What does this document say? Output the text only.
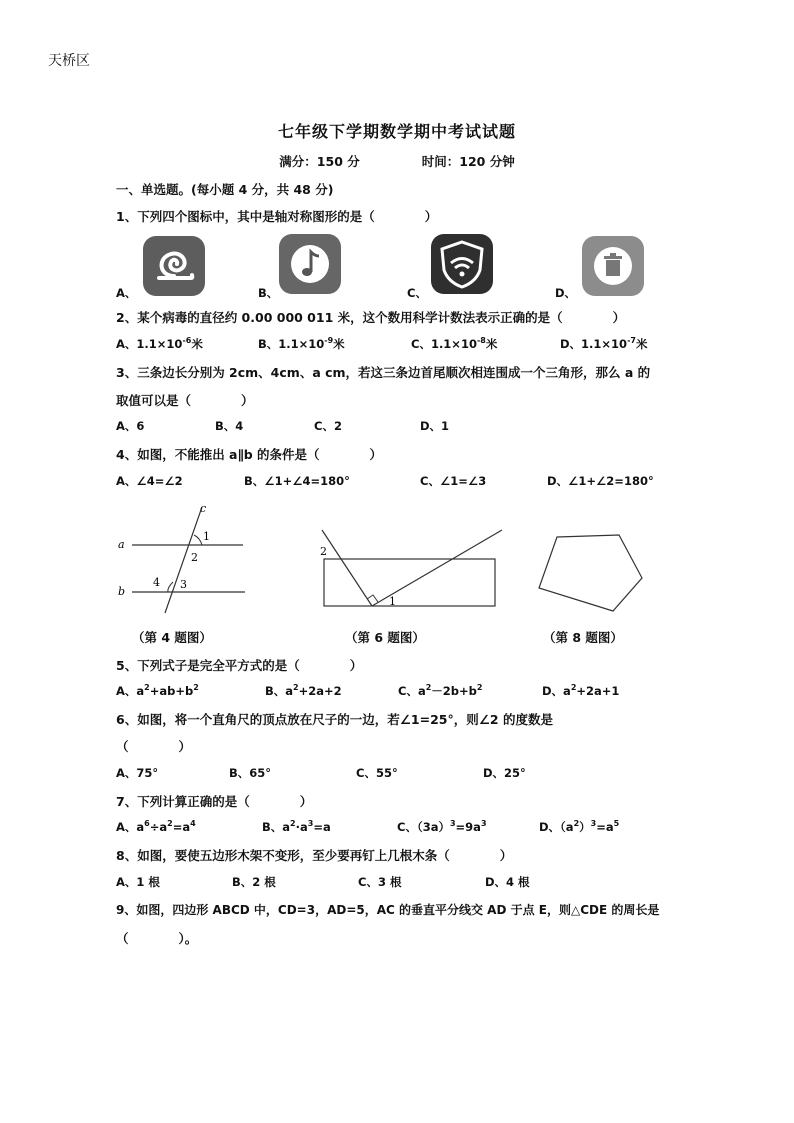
天桥区
七年级下学期数学期中考试试题
满分：150 分	时间：120 分钟
一、单选题。(每小题 4 分，共 48 分)
1、下列四个图标中，其中是轴对称图形的是（　　　　）
A、	B、	C、	D、
2、某个病毒的直径约 0.00 000 011 米，这个数用科学计数法表示正确的是（　　　　）
A、$1.1\times 10^{-6}$米	B、$1.1\times 10^{-9}$米	C、$1.1\times 10^{-8}$米	D、$1.1\times 10^{-7}$米
3、三条边长分别为 2cm、4cm、a cm，若这三条边首尾顺次相连围成一个三角形，那么 a 的
取值可以是（　　　　）
A、6	B、4	C、2	D、1
4、如图，不能推出 a∥b 的条件是（　　　　）
A、∠4=∠2	B、∠1+∠4=180°	C、∠1=∠3	D、∠1+∠2=180°
c
1
a
2
4 3
b
2
1
（第 4 题图）	（第 6 题图）	（第 8 题图）
5、下列式子是完全平方式的是（　　　　）
A、$a^2+ab+b^2$	B、$a^2+2a+2$	C、$a^2-2b+b^2$	D、$a^2+2a+1$
6、如图，将一个直角尺的顶点放在尺子的一边，若∠1=25°，则∠2 的度数是
（　　　　）
A、75°	B、65°	C、55°	D、25°
7、下列计算正确的是（　　　　）
A、$a^6\div a^2=a^4$	B、$a^2\cdot a^3=a$	C、$(3a)^3=9a^3$	D、$(a^2)^3=a^5$
8、如图，要使五边形木架不变形，至少要再钉上几根木条（　　　　）
A、1 根	B、2 根	C、3 根	D、4 根
9、如图，四边形 ABCD 中，CD=3，AD=5，AC 的垂直平分线交 AD 于点 E，则△CDE 的周长是
（　　　　）。
